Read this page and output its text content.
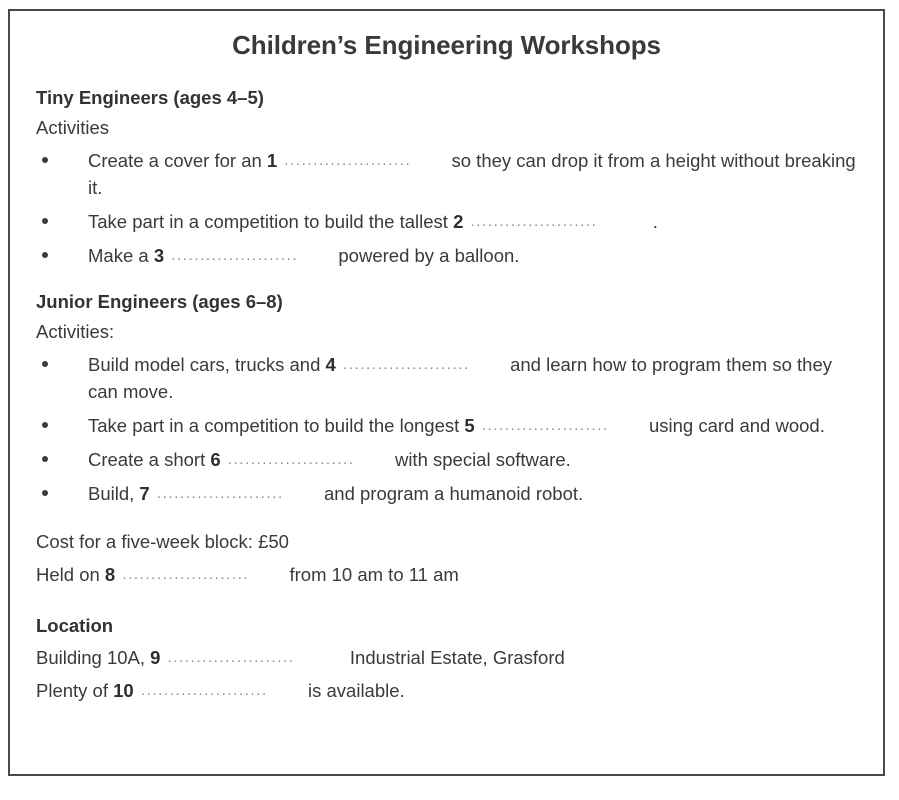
Children’s Engineering Workshops
Tiny Engineers (ages 4–5)
Activities
Create a cover for an 1 .....	so they can drop it from a height without breaking it.
Take part in a competition to build the tallest 2 .....	.
Make a 3 .....	powered by a balloon.
Junior Engineers (ages 6–8)
Activities:
Build model cars, trucks and 4 .....	and learn how to program them so they can move.
Take part in a competition to build the longest 5 .....	using card and wood.
Create a short 6 .....	with special software.
Build, 7 .....	and program a humanoid robot.
Cost for a five-week block: £50
Held on 8 .....	from 10 am to 11 am
Location
Building 10A, 9 .....	Industrial Estate, Grasford
Plenty of 10 .....	is available.
